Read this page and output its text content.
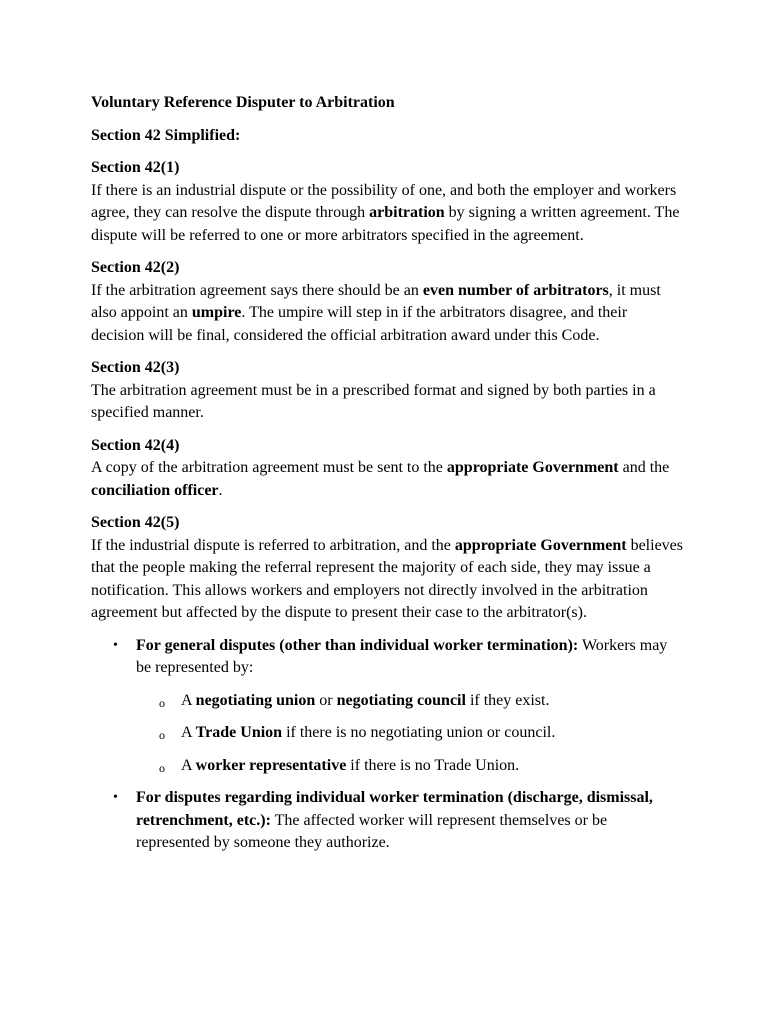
Voluntary Reference Disputer to Arbitration

Section 42 Simplified:

Section 42(1)

If there is an industrial dispute or the possibility of one, and both the employer and workers agree, they can resolve the dispute through arbitration by signing a written agreement. The dispute will be referred to one or more arbitrators specified in the agreement.

Section 42(2)

If the arbitration agreement says there should be an even number of arbitrators, it must also appoint an umpire. The umpire will step in if the arbitrators disagree, and their decision will be final, considered the official arbitration award under this Code.

Section 42(3)

The arbitration agreement must be in a prescribed format and signed by both parties in a specified manner.

Section 42(4)

A copy of the arbitration agreement must be sent to the appropriate Government and the conciliation officer.

Section 42(5)

If the industrial dispute is referred to arbitration, and the appropriate Government believes that the people making the referral represent the majority of each side, they may issue a notification. This allows workers and employers not directly involved in the arbitration agreement but affected by the dispute to present their case to the arbitrator(s).

• For general disputes (other than individual worker termination): Workers may be represented by:
o A negotiating union or negotiating council if they exist.
o A Trade Union if there is no negotiating union or council.
o A worker representative if there is no Trade Union.
• For disputes regarding individual worker termination (discharge, dismissal, retrenchment, etc.): The affected worker will represent themselves or be represented by someone they authorize.
